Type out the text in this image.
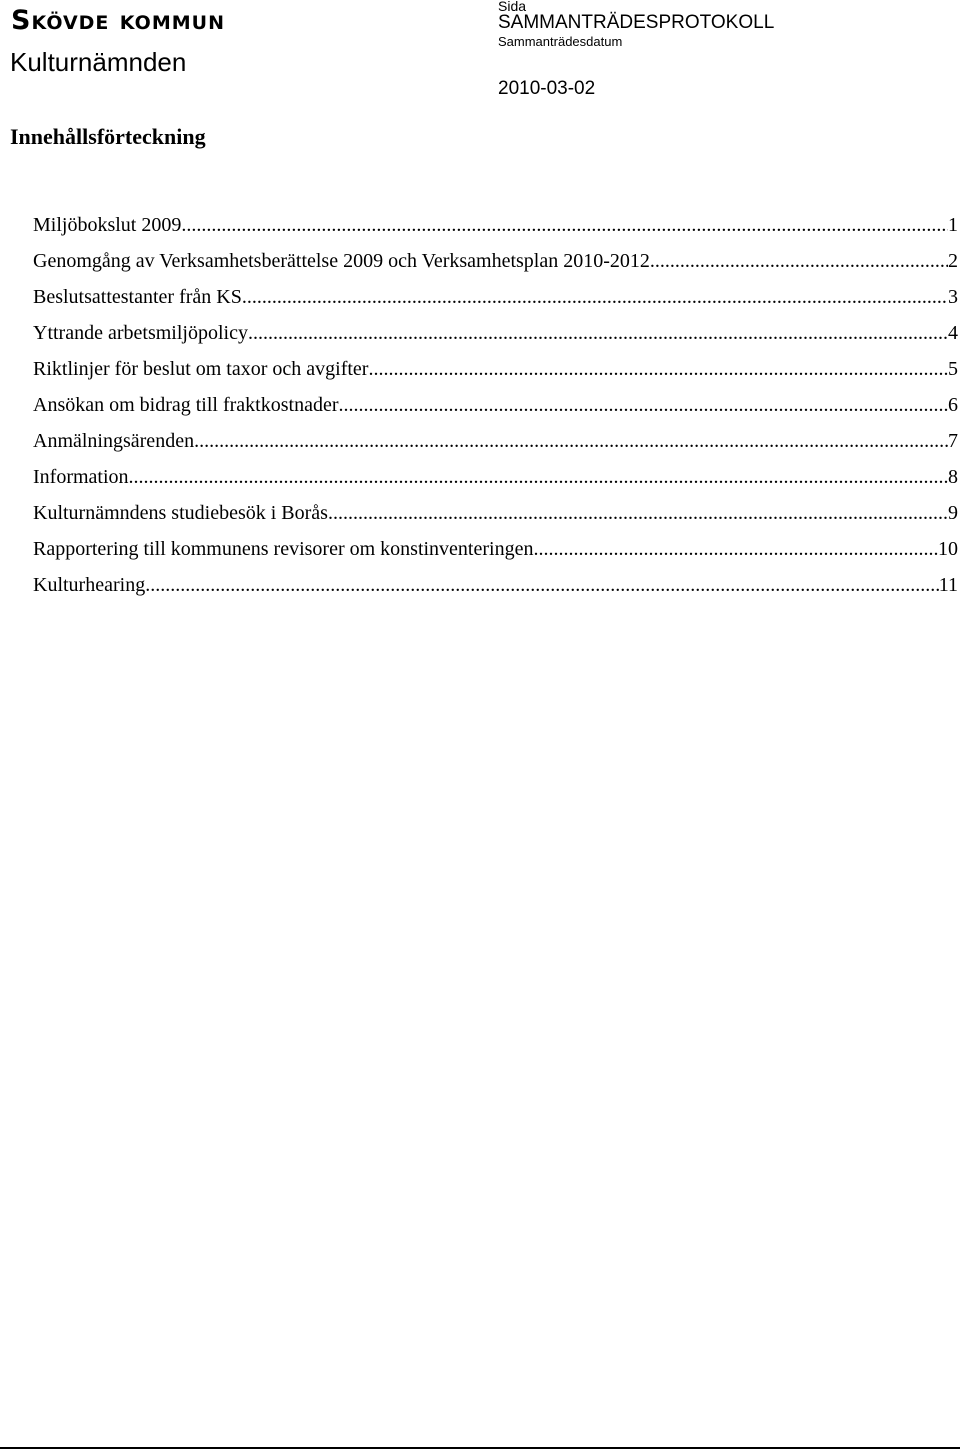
Skövde kommun
Kulturnämnden
Sida
SAMMANTRÄDESPROTOKOLL
Sammanträdesdatum
2010-03-02
Innehållsförteckning
Miljöbokslut 2009 .....	1
Genomgång av Verksamhetsberättelse 2009 och Verksamhetsplan 2010-2012 .....	2
Beslutsattestanter från KS .....	3
Yttrande arbetsmiljöpolicy .....	4
Riktlinjer för beslut om taxor och avgifter .....	5
Ansökan om bidrag till fraktkostnader .....	6
Anmälningsärenden .....	7
Information .....	8
Kulturnämndens studiebesök i Borås .....	9
Rapportering till kommunens revisorer om konstinventeringen .....	10
Kulturhearing .....	11
